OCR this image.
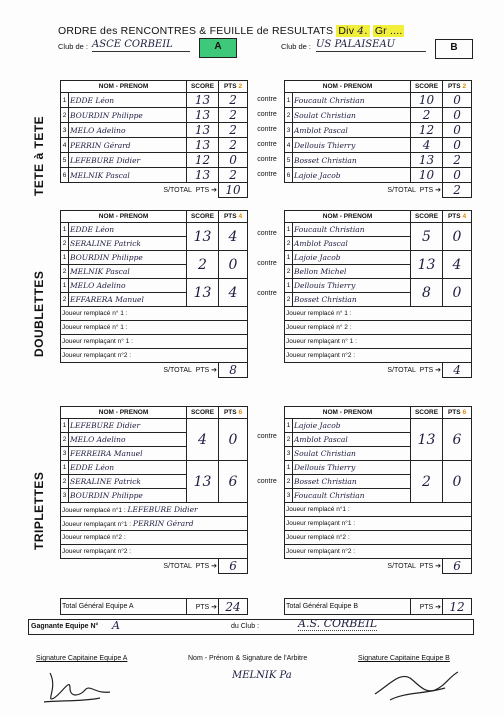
ORDRE des RENCONTRES & FEUILLE de RESULTATS Div 4. Gr ....
Club de : ASCE CORBEIL	A	Club de : US PALAISEAU	B
TETE à TETE
DOUBLETTES
TRIPLETTES
NOM - PRENOM		SCORE	PTS 2
1	EDDE Léon	13	2
2	BOURDIN Philippe	13	2
3	MELO Adelino	13	2
4	PERRIN Gérard	13	2
5	LEFEBURE Didier	12	0
6	MELNIK Pascal	13	2
	S/TOTAL PTS ➔		10
contre
contre
contre
contre
contre
contre
NOM - PRENOM		SCORE	PTS 2
1	Foucault Christian	10	0
2	Soulat Christian	2	0
3	Amblot Pascal	12	0
4	Dellouis Thierry	4	0
5	Bosset Christian	13	2
6	Lajoie Jacob	10	0
	S/TOTAL PTS ➔		2
NOM - PRENOM		SCORE	PTS 4
1	EDDE Léon	13	4
2	SERALINE Patrick		
1	BOURDIN Philippe	2	0
2	MELNIK Pascal		
1	MELO Adelino	13	4
2	EFFARERA Manuel		
Joueur remplacé n° 1 :			
Joueur remplacé n° 1 :			
Joueur remplaçant n° 1 :			
Joueur remplaçant n°2 :			
	S/TOTAL PTS ➔		8
contre
contre
contre
NOM - PRENOM		SCORE	PTS 4
1	Foucault Christian	5	0
2	Amblot Pascal		
1	Lajoie Jacob	13	4
2	Bellon Michel		
1	Dellouis Thierry	8	0
2	Bosset Christian		
Joueur remplacé n° 1 :			
Joueur remplacé n° 2 :			
Joueur remplaçant n° 1 :			
Joueur remplaçant n°2 :			
	S/TOTAL PTS ➔		4
NOM - PRENOM		SCORE	PTS 6
1	LEFEBURE Didier	4	0
2	MELO Adelino		
3	FERREIRA Manuel		
1	EDDE Léon	13	6
2	SERALINE Patrick		
3	BOURDIN Philippe		
Joueur remplacé n°1 : LEFEBURE Didier			
Joueur remplaçant n°1 : PERRIN Gérard			
Joueur remplacé n°2 :			
Joueur remplaçant n°2 :			
	S/TOTAL PTS ➔		6
contre
contre
NOM - PRENOM		SCORE	PTS 6
1	Lajoie Jacob	13	6
2	Amblot Pascal		
3	Soulat Christian		
1	Dellouis Thierry	2	0
2	Bosset Christian		
3	Foucault Christian		
Joueur remplacé n°1 :			
Joueur remplaçant n°1 :			
Joueur remplacé n°2 :			
Joueur remplaçant n°2 :			
	S/TOTAL PTS ➔		6
Total Général Equipe A	PTS ➔	24	Total Général Equipe B	PTS ➔	12
Gagnante Equipe N° A	du Club :	A.S. CORBEIL
Signature Capitaine Equipe A	Nom - Prénom & Signature de l'Arbitre	Signature Capitaine Equipe B
MELNIK Pa
